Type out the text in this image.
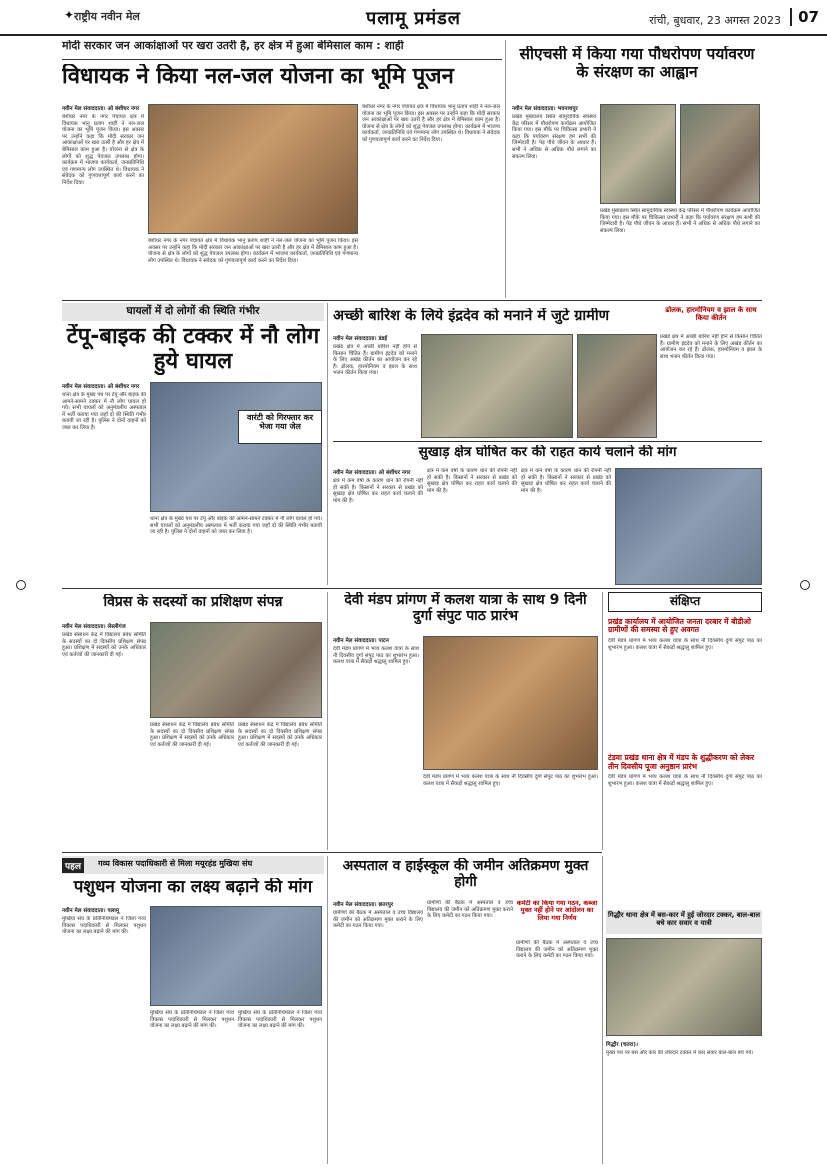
✦ राष्ट्रीय नवीन मेल	पलामू प्रमंडल	रांची, बुधवार, 23 अगस्त 2023	07
मोदी सरकार जन आकांक्षाओं पर खरा उतरी है, हर क्षेत्र में हुआ बेमिसाल काम : शाही
विधायक ने किया नल-जल योजना का भूमि पूजन
नवीन मेल संवाददाता। ओ बंशीधर नगर
बंशीधर नगर के नगर पंचायत क्षेत्र में विधायक भानु प्रताप शाही ने नल-जल योजना का भूमि पूजन किया। इस अवसर पर उन्होंने कहा कि मोदी सरकार जन आकांक्षाओं पर खरा उतरी है और हर क्षेत्र में बेमिसाल काम हुआ है। योजना से क्षेत्र के लोगों को शुद्ध पेयजल उपलब्ध होगा। कार्यक्रम में भाजपा कार्यकर्ता, जनप्रतिनिधि एवं गणमान्य लोग उपस्थित थे। विधायक ने संवेदक को गुणवत्तापूर्ण कार्य करने का निर्देश दिया।
बंशीधर नगर के नगर पंचायत क्षेत्र में विधायक भानु प्रताप शाही ने नल-जल योजना का भूमि पूजन किया। इस अवसर पर उन्होंने कहा कि मोदी सरकार जन आकांक्षाओं पर खरा उतरी है और हर क्षेत्र में बेमिसाल काम हुआ है। योजना से क्षेत्र के लोगों को शुद्ध पेयजल उपलब्ध होगा। कार्यक्रम में भाजपा कार्यकर्ता, जनप्रतिनिधि एवं गणमान्य लोग उपस्थित थे। विधायक ने संवेदक को गुणवत्तापूर्ण कार्य करने का निर्देश दिया।
बंशीधर नगर के नगर पंचायत क्षेत्र में विधायक भानु प्रताप शाही ने नल-जल योजना का भूमि पूजन किया। इस अवसर पर उन्होंने कहा कि मोदी सरकार जन आकांक्षाओं पर खरा उतरी है और हर क्षेत्र में बेमिसाल काम हुआ है। योजना से क्षेत्र के लोगों को शुद्ध पेयजल उपलब्ध होगा। कार्यक्रम में भाजपा कार्यकर्ता, जनप्रतिनिधि एवं गणमान्य लोग उपस्थित थे। विधायक ने संवेदक को गुणवत्तापूर्ण कार्य करने का निर्देश दिया।
सीएचसी में किया गया पौधरोपण पर्यावरण के संरक्षण का आह्वान
नवीन मेल संवाददाता। भवनाथपुर
प्रखंड मुख्यालय स्थित सामुदायिक स्वास्थ्य केंद्र परिसर में पौधरोपण कार्यक्रम आयोजित किया गया। इस मौके पर चिकित्सा प्रभारी ने कहा कि पर्यावरण संरक्षण हम सभी की जिम्मेदारी है। पेड़ पौधे जीवन के आधार हैं। सभी ने अधिक से अधिक पौधे लगाने का संकल्प लिया।
प्रखंड मुख्यालय स्थित सामुदायिक स्वास्थ्य केंद्र परिसर में पौधरोपण कार्यक्रम आयोजित किया गया। इस मौके पर चिकित्सा प्रभारी ने कहा कि पर्यावरण संरक्षण हम सभी की जिम्मेदारी है। पेड़ पौधे जीवन के आधार हैं। सभी ने अधिक से अधिक पौधे लगाने का संकल्प लिया।
घायलों में दो लोगों की स्थिति गंभीर
टेंपू-बाइक की टक्कर में नौ लोग हुये घायल
नवीन मेल संवाददाता। ओ बंशीधर नगर
थाना क्षेत्र के मुख्य पथ पर टेंपू और बाइक की आमने-सामने टक्कर में नौ लोग घायल हो गये। सभी घायलों को अनुमंडलीय अस्पताल में भर्ती कराया गया जहाँ दो की स्थिति गंभीर बतायी जा रही है। पुलिस ने दोनों वाहनों को जब्त कर लिया है।
थाना क्षेत्र के मुख्य पथ पर टेंपू और बाइक की आमने-सामने टक्कर में नौ लोग घायल हो गये। सभी घायलों को अनुमंडलीय अस्पताल में भर्ती कराया गया जहाँ दो की स्थिति गंभीर बतायी जा रही है। पुलिस ने दोनों वाहनों को जब्त कर लिया है।
वारंटी को गिरफ्तार कर भेजा गया जेल
अच्छी बारिश के लिये इंद्रदेव को मनाने में जुटे ग्रामीण	ढोलक, हारमोनियम व झाल के साथ किया कीर्तन
नवीन मेल संवाददाता। डंडई
प्रखंड क्षेत्र में अच्छी बारिश नहीं होने से किसान चिंतित हैं। ग्रामीण इंद्रदेव को मनाने के लिए अखंड कीर्तन का आयोजन कर रहे हैं। ढोलक, हारमोनियम व झाल के साथ भजन कीर्तन किया गया।
प्रखंड क्षेत्र में अच्छी बारिश नहीं होने से किसान चिंतित हैं। ग्रामीण इंद्रदेव को मनाने के लिए अखंड कीर्तन का आयोजन कर रहे हैं। ढोलक, हारमोनियम व झाल के साथ भजन कीर्तन किया गया।
सुखाड़ क्षेत्र घोषित कर की राहत कार्य चलाने की मांग
नवीन मेल संवाददाता। ओ बंशीधर नगर
क्षेत्र में कम वर्षा के कारण धान की रोपनी नहीं हो सकी है। किसानों ने सरकार से प्रखंड को सुखाड़ क्षेत्र घोषित कर राहत कार्य चलाने की मांग की है।
क्षेत्र में कम वर्षा के कारण धान की रोपनी नहीं हो सकी है। किसानों ने सरकार से प्रखंड को सुखाड़ क्षेत्र घोषित कर राहत कार्य चलाने की मांग की है।
क्षेत्र में कम वर्षा के कारण धान की रोपनी नहीं हो सकी है। किसानों ने सरकार से प्रखंड को सुखाड़ क्षेत्र घोषित कर राहत कार्य चलाने की मांग की है।
विप्रस के सदस्यों का प्रशिक्षण संपन्न
नवीन मेल संवाददाता। लेस्लीगंज
प्रखंड संसाधन केंद्र में विद्यालय प्रबंध समिति के सदस्यों का दो दिवसीय प्रशिक्षण संपन्न हुआ। प्रशिक्षण में सदस्यों को उनके अधिकार एवं कर्तव्यों की जानकारी दी गई।
प्रखंड संसाधन केंद्र में विद्यालय प्रबंध समिति के सदस्यों का दो दिवसीय प्रशिक्षण संपन्न हुआ। प्रशिक्षण में सदस्यों को उनके अधिकार एवं कर्तव्यों की जानकारी दी गई।
प्रखंड संसाधन केंद्र में विद्यालय प्रबंध समिति के सदस्यों का दो दिवसीय प्रशिक्षण संपन्न हुआ। प्रशिक्षण में सदस्यों को उनके अधिकार एवं कर्तव्यों की जानकारी दी गई।
देवी मंडप प्रांगण में कलश यात्रा के साथ 9 दिनी दुर्गा संपुट पाठ प्रारंभ
नवीन मेल संवाददाता। पाटन
देवी मंडप प्रांगण में भव्य कलश यात्रा के साथ नौ दिवसीय दुर्गा संपुट पाठ का शुभारंभ हुआ। कलश यात्रा में सैकड़ों श्रद्धालु शामिल हुए।
देवी मंडप प्रांगण में भव्य कलश यात्रा के साथ नौ दिवसीय दुर्गा संपुट पाठ का शुभारंभ हुआ। कलश यात्रा में सैकड़ों श्रद्धालु शामिल हुए।
संक्षिप्त
प्रखंड कार्यालय में आयोजित जनता दरबार में बीडीओ ग्रामीणों की समस्या से हुए अवगत
देवी मंडप प्रांगण में भव्य कलश यात्रा के साथ नौ दिवसीय दुर्गा संपुट पाठ का शुभारंभ हुआ। कलश यात्रा में सैकड़ों श्रद्धालु शामिल हुए।
टंडवा प्रखंड थाना क्षेत्र में मंडप के शुद्धीकरण को लेकर तीन दिवसीय पूजा अनुष्ठान प्रारंभ
देवी मंडप प्रांगण में भव्य कलश यात्रा के साथ नौ दिवसीय दुर्गा संपुट पाठ का शुभारंभ हुआ। कलश यात्रा में सैकड़ों श्रद्धालु शामिल हुए।
पहल	गव्य विकास पदाधिकारी से मिला मयूरहंड मुखिया संघ
पशुधन योजना का लक्ष्य बढ़ाने की मांग
नवीन मेल संवाददाता। पलामू
मुखिया संघ के प्रतिनिधिमंडल ने जिला गव्य विकास पदाधिकारी से मिलकर पशुधन योजना का लक्ष्य बढ़ाने की मांग की।
मुखिया संघ के प्रतिनिधिमंडल ने जिला गव्य विकास पदाधिकारी से मिलकर पशुधन योजना का लक्ष्य बढ़ाने की मांग की।
मुखिया संघ के प्रतिनिधिमंडल ने जिला गव्य विकास पदाधिकारी से मिलकर पशुधन योजना का लक्ष्य बढ़ाने की मांग की।
अस्पताल व हाईस्कूल की जमीन अतिक्रमण मुक्त होगी
कमेटी का किया गया गठन, कब्जा मुक्त नहीं होने पर आंदोलन का लिया गया निर्णय
नवीन मेल संवाददाता। छतरपुर
ग्रामीणों की बैठक में अस्पताल व उच्च विद्यालय की जमीन को अतिक्रमण मुक्त कराने के लिए कमेटी का गठन किया गया।
ग्रामीणों की बैठक में अस्पताल व उच्च विद्यालय की जमीन को अतिक्रमण मुक्त कराने के लिए कमेटी का गठन किया गया।
ग्रामीणों की बैठक में अस्पताल व उच्च विद्यालय की जमीन को अतिक्रमण मुक्त कराने के लिए कमेटी का गठन किया गया।
गिद्धौर थाना क्षेत्र में बस-कार में हुई जोरदार टक्कर, बाल-बाल बचे कार सवार व यात्री
गिद्धौर (चतरा)।
मुख्य पथ पर बस और कार की जोरदार टक्कर में कार सवार बाल-बाल बच गये।
